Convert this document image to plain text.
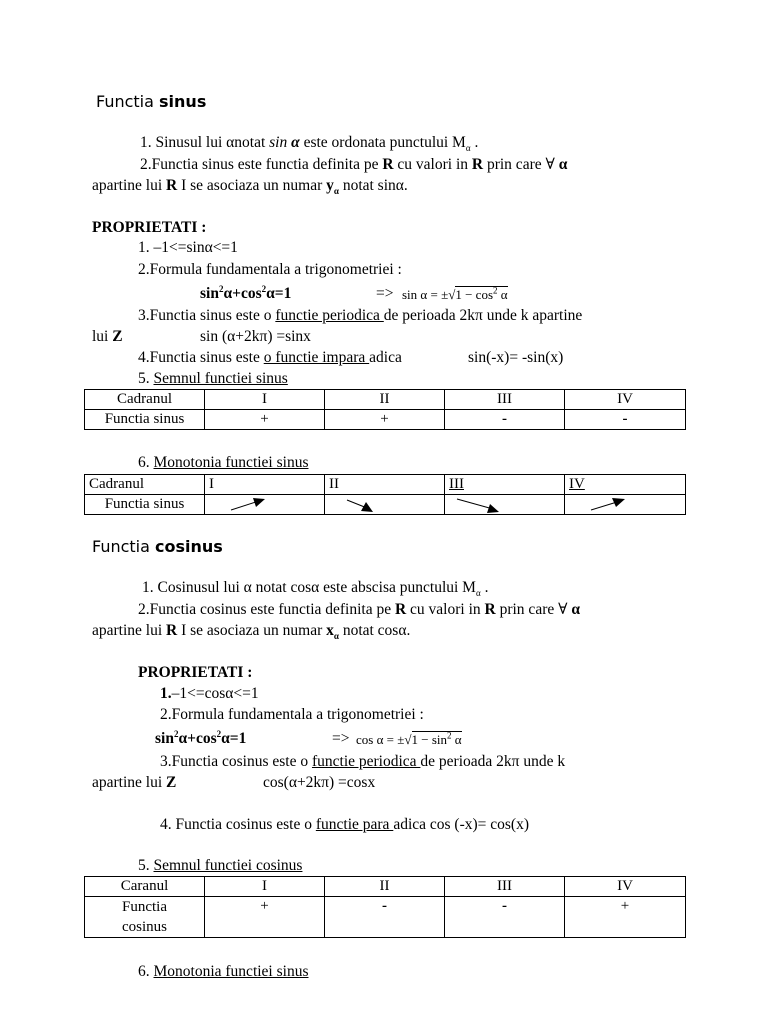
Functia sinus
1. Sinusul lui αnotat sin α este ordonata punctului $M_\alpha$ .
2.Functia sinus este functia definita pe R cu valori in R prin care ∀ α
apartine lui R I se asociaza un numar $y_\alpha$ notat sinα.
PROPRIETATI :
1. –1<=sinα<=1
2.Formula fundamentala a trigonometriei :
$\sin^2\alpha+\cos^2\alpha=1$	=> $\sin \alpha = \pm√1 - \cos^2 \alpha$
3.Functia sinus este o functie periodica de perioada 2kπ unde k apartine
lui Z	sin (α+2kπ) =sinx
4.Functia sinus este o functie impara adica	sin(-x)= -sin(x)
5. Semnul functiei sinus
Cadranul	I	II	III	IV
Functia sinus	+	+	-	-
6. Monotonia functiei sinus
Cadranul	I	II	III	IV
Functia sinus	

Functia cosinus
1. Cosinusul lui α notat cosα este abscisa punctului $M_\alpha$ .
2.Functia cosinus este functia definita pe R cu valori in R prin care ∀ α
apartine lui R I se asociaza un numar $x_\alpha$ notat cosα.
PROPRIETATI :
1.–1<=cosα<=1
2.Formula fundamentala a trigonometriei :
$\sin^2\alpha+\cos^2\alpha=1$	=> $\cos \alpha = \pm√1 - \sin^2 \alpha$
3.Functia cosinus este o functie periodica de perioada 2kπ unde k
apartine lui Z	cos(α+2kπ) =cosx
4. Functia cosinus este o functie para adica cos (-x)= cos(x)
5. Semnul functiei cosinus
Caranul	I	II	III	IV
Functia
cosinus	+	-	-	+
6. Monotonia functiei sinus
